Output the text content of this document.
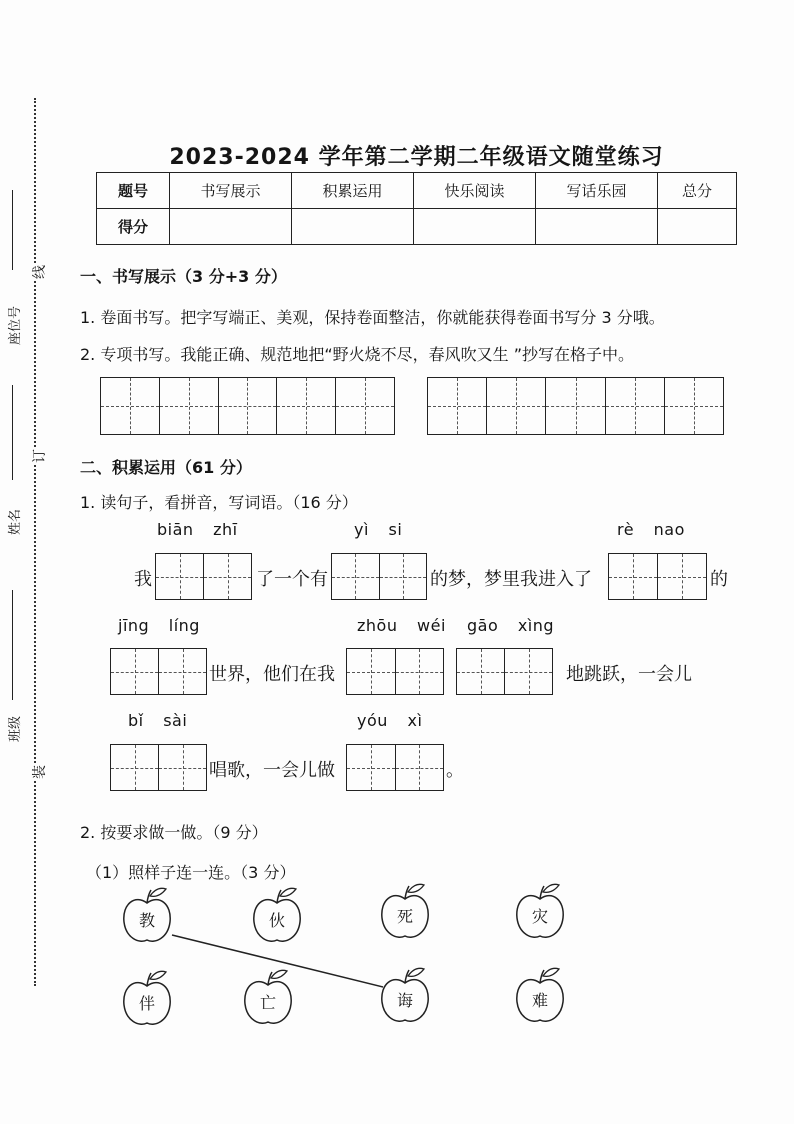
线
订
装
座位号
姓名
班级
2023-2024 学年第二学期二年级语文随堂练习
题号	书写展示	积累运用	快乐阅读	写话乐园	总分
得分					
一、书写展示（3 分+3 分）
1. 卷面书写。把字写端正、美观，保持卷面整洁，你就能获得卷面书写分 3 分哦。
2. 专项书写。我能正确、规范地把“野火烧不尽，春风吹又生 ”抄写在格子中。
二、积累运用（61 分）
1. 读句子，看拼音，写词语。（16 分）
biān zhī	yì si	rè nao
我	了一个有	的梦，梦里我进入了	的
jīng líng	zhōu wéi gāo xìng
世界，他们在我	地跳跃，一会儿
bǐ sài	yóu xì
唱歌，一会儿做	。
2. 按要求做一做。（9 分）
（1）照样子连一连。（3 分）
教	伙	死	灾
伴	亡	诲	难
